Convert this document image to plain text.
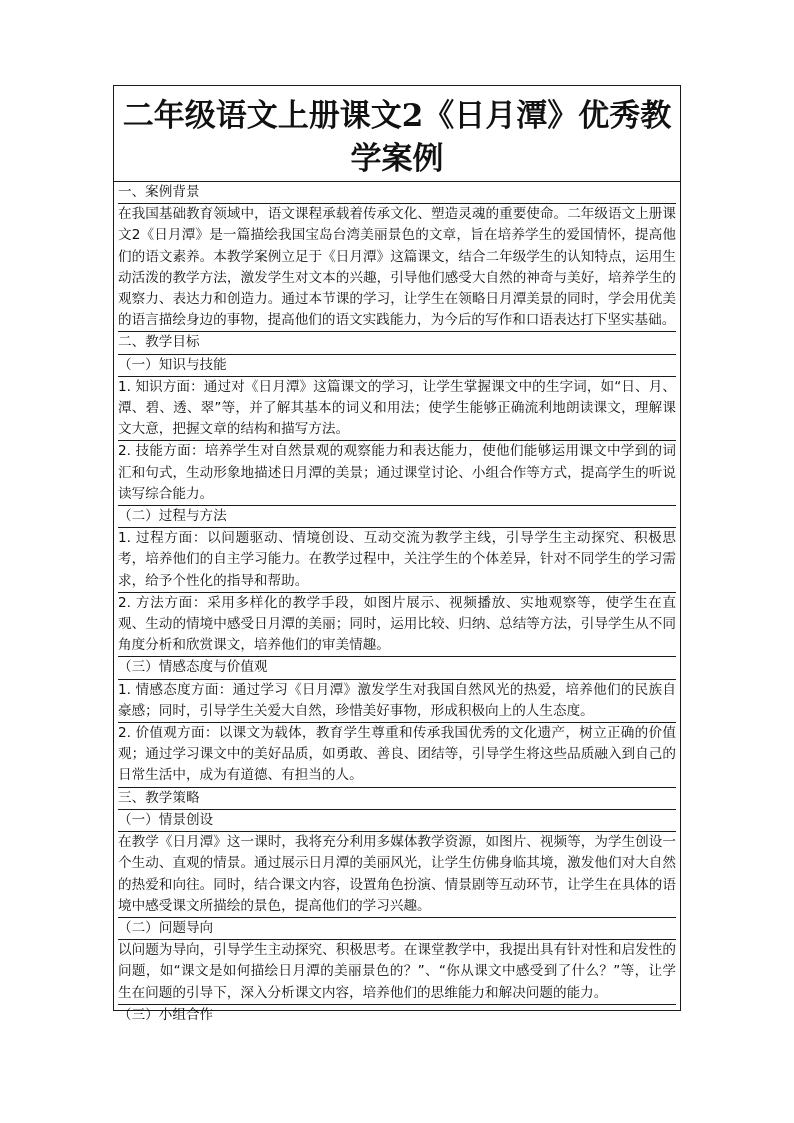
二年级语文上册课文2《日月潭》优秀教学案例

一、案例背景

在我国基础教育领域中，语文课程承载着传承文化、塑造灵魂的重要使命。二年级语文上册课文2《日月潭》是一篇描绘我国宝岛台湾美丽景色的文章，旨在培养学生的爱国情怀，提高他们的语文素养。本教学案例立足于《日月潭》这篇课文，结合二年级学生的认知特点，运用生动活泼的教学方法，激发学生对文本的兴趣，引导他们感受大自然的神奇与美好，培养学生的观察力、表达力和创造力。通过本节课的学习，让学生在领略日月潭美景的同时，学会用优美的语言描绘身边的事物，提高他们的语文实践能力，为今后的写作和口语表达打下坚实基础。

二、教学目标

（一）知识与技能

1. 知识方面：通过对《日月潭》这篇课文的学习，让学生掌握课文中的生字词，如“日、月、潭、碧、透、翠”等，并了解其基本的词义和用法；使学生能够正确流利地朗读课文，理解课文大意，把握文章的结构和描写方法。

2. 技能方面：培养学生对自然景观的观察能力和表达能力，使他们能够运用课文中学到的词汇和句式，生动形象地描述日月潭的美景；通过课堂讨论、小组合作等方式，提高学生的听说读写综合能力。

（二）过程与方法

1. 过程方面：以问题驱动、情境创设、互动交流为教学主线，引导学生主动探究、积极思考，培养他们的自主学习能力。在教学过程中，关注学生的个体差异，针对不同学生的学习需求，给予个性化的指导和帮助。

2. 方法方面：采用多样化的教学手段，如图片展示、视频播放、实地观察等，使学生在直观、生动的情境中感受日月潭的美丽；同时，运用比较、归纳、总结等方法，引导学生从不同角度分析和欣赏课文，培养他们的审美情趣。

（三）情感态度与价值观

1. 情感态度方面：通过学习《日月潭》激发学生对我国自然风光的热爱，培养他们的民族自豪感；同时，引导学生关爱大自然，珍惜美好事物，形成积极向上的人生态度。

2. 价值观方面：以课文为载体，教育学生尊重和传承我国优秀的文化遗产，树立正确的价值观；通过学习课文中的美好品质，如勇敢、善良、团结等，引导学生将这些品质融入到自己的日常生活中，成为有道德、有担当的人。

三、教学策略

（一）情景创设

在教学《日月潭》这一课时，我将充分利用多媒体教学资源，如图片、视频等，为学生创设一个生动、直观的情景。通过展示日月潭的美丽风光，让学生仿佛身临其境，激发他们对大自然的热爱和向往。同时，结合课文内容，设置角色扮演、情景剧等互动环节，让学生在具体的语境中感受课文所描绘的景色，提高他们的学习兴趣。

（二）问题导向

以问题为导向，引导学生主动探究、积极思考。在课堂教学中，我提出具有针对性和启发性的问题，如“课文是如何描绘日月潭的美丽景色的？”、“你从课文中感受到了什么？”等，让学生在问题的引导下，深入分析课文内容，培养他们的思维能力和解决问题的能力。

（三）小组合作
